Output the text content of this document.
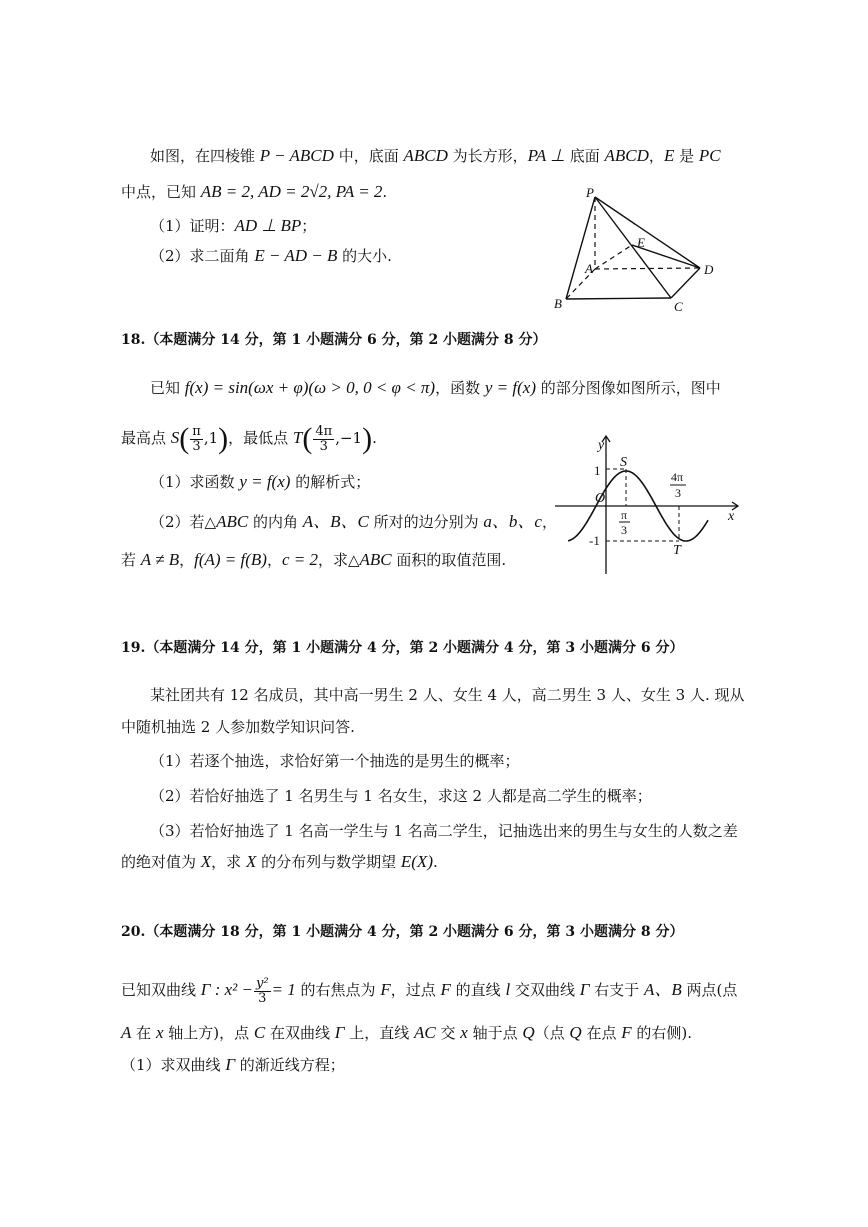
如图，在四棱锥 P − ABCD 中，底面 ABCD 为长方形，PA ⊥ 底面 ABCD，E 是 PC
中点，已知 AB = 2, AD = 2√2, PA = 2.
（1）证明：AD ⊥ BP；
（2）求二面角 E − AD − B 的大小.
P
A
B	C
D
E
18.（本题满分 14 分，第 1 小题满分 6 分，第 2 小题满分 8 分）
已知 f(x) = sin(ωx + φ)(ω > 0, 0 < φ < π)，函数 y = f(x) 的部分图像如图所示，图中
最高点 $S( \frac{\pi}{3} ,1)$，最低点 $T( \frac{4\pi}{3} ,-1)$.
（1）求函数 y = f(x) 的解析式；
（2）若△ABC 的内角 A、B、C 所对的边分别为 a、b、c，
若 A ≠ B，f(A) = f(B)，c = 2，求△ABC 面积的取值范围.
y
x
O
S
T
1
-1
π
3
4π
3
19.（本题满分 14 分，第 1 小题满分 4 分，第 2 小题满分 4 分，第 3 小题满分 6 分）
某社团共有 12 名成员，其中高一男生 2 人、女生 4 人，高二男生 3 人、女生 3 人. 现从
中随机抽选 2 人参加数学知识问答.
（1）若逐个抽选，求恰好第一个抽选的是男生的概率；
（2）若恰好抽选了 1 名男生与 1 名女生，求这 2 人都是高二学生的概率；
（3）若恰好抽选了 1 名高一学生与 1 名高二学生，记抽选出来的男生与女生的人数之差
的绝对值为 X，求 X 的分布列与数学期望 E(X).
20.（本题满分 18 分，第 1 小题满分 4 分，第 2 小题满分 6 分，第 3 小题满分 8 分）
已知双曲线 Γ : $x^2 - \frac{\text{y²}}{3} = 1$ 的右焦点为 F，过点 F 的直线 l 交双曲线 Γ 右支于 A、B 两点(点
A 在 x 轴上方)，点 C 在双曲线 Γ 上，直线 AC 交 x 轴于点 Q（点 Q 在点 F 的右侧).
（1）求双曲线 Γ 的渐近线方程；
